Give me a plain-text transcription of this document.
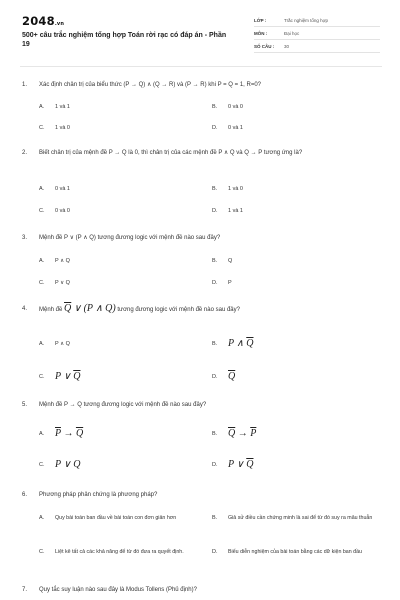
2048.vn
500+ câu trắc nghiệm tổng hợp Toán rời rạc có đáp án - Phần 19
LỚP :	Trắc nghiệm tổng hợp
MÔN :	Đại học
SỐ CÂU :	30
1.	Xác định chân trị của biểu thức (P → Q) ∧ (Q → R) và (P → R) khi P = Q = 1, R=0?
A.	1 và 1	B.	0 và 0
C.	1 và 0	D.	0 và 1
2.	Biết chân trị của mệnh đề P → Q là 0, thì chân trị của các mệnh đề P ∧ Q và Q → P tương ứng là?
A.	0 và 1	B.	1 và 0
C.	0 và 0	D.	1 và 1
3.	Mệnh đề P ∨ (P ∧ Q) tương đương logic với mệnh đề nào sau đây?
A.	P ∧ Q	B.	Q
C.	P ∨ Q	D.	P
4.	Mệnh đề $\overline{Q}$ ∨ (P ∧ Q) tương đương logic với mệnh đề nào sau đây?
A.	P ∧ Q	B.	P ∧ $\overline{Q}$
C.	P ∨ $\overline{Q}$	D.	$\overline{Q}$
5.	Mệnh đề P → Q tương đương logic với mệnh đề nào sau đây?
A.	$\overline{P} \to \overline{Q}$	B.	$\overline{Q} \to \overline{P}$
C.	P ∨ Q	D.	P ∨ $\overline{Q}$
6.	Phương pháp phản chứng là phương pháp?
A.	Quy bài toán ban đầu về bài toán con đơn giản hơn	B.	Giả sử điều cần chứng minh là sai để từ đó suy ra mâu thuẫn
C.	Liệt kê tất cả các khả năng để từ đó đưa ra quyết định.	D.	Biểu diễn nghiệm của bài toán bằng các dữ kiện ban đầu
7.	Quy tắc suy luận nào sau đây là Modus Tollens (Phủ định)?
